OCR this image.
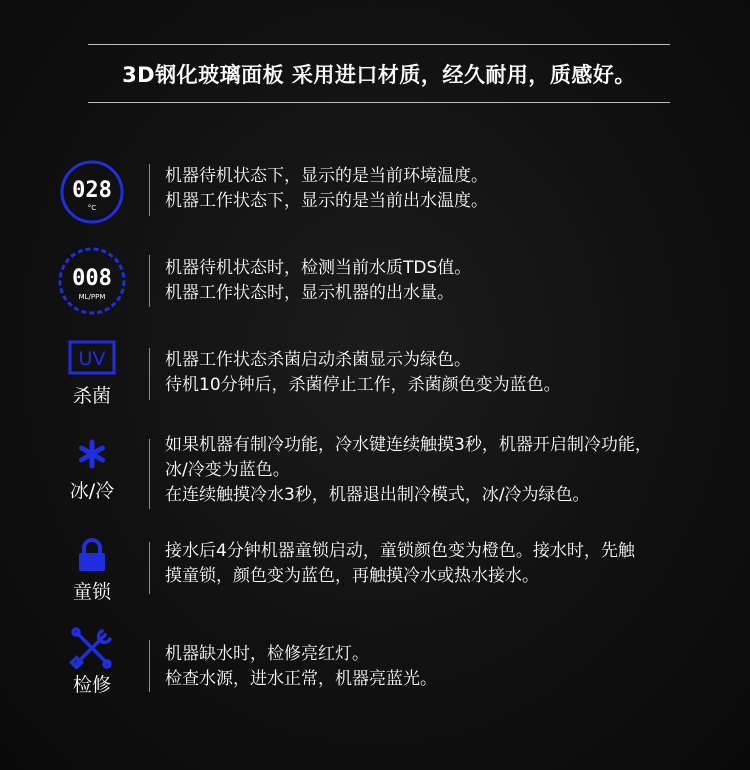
3D钢化玻璃面板 采用进口材质，经久耐用，质感好。
028
°C
机器待机状态下，显示的是当前环境温度。
机器工作状态下，显示的是当前出水温度。
008
ML/PPM
机器待机状态时，检测当前水质TDS值。
机器工作状态时，显示机器的出水量。
UV
杀菌
机器工作状态杀菌启动杀菌显示为绿色。
待机10分钟后，杀菌停止工作，杀菌颜色变为蓝色。
冰/冷
如果机器有制冷功能，冷水键连续触摸3秒，机器开启制冷功能，
冰/冷变为蓝色。
在连续触摸冷水3秒，机器退出制冷模式，冰/冷为绿色。
童锁
接水后4分钟机器童锁启动，童锁颜色变为橙色。接水时，先触
摸童锁，颜色变为蓝色，再触摸冷水或热水接水。
检修
机器缺水时，检修亮红灯。
检查水源，进水正常，机器亮蓝光。
